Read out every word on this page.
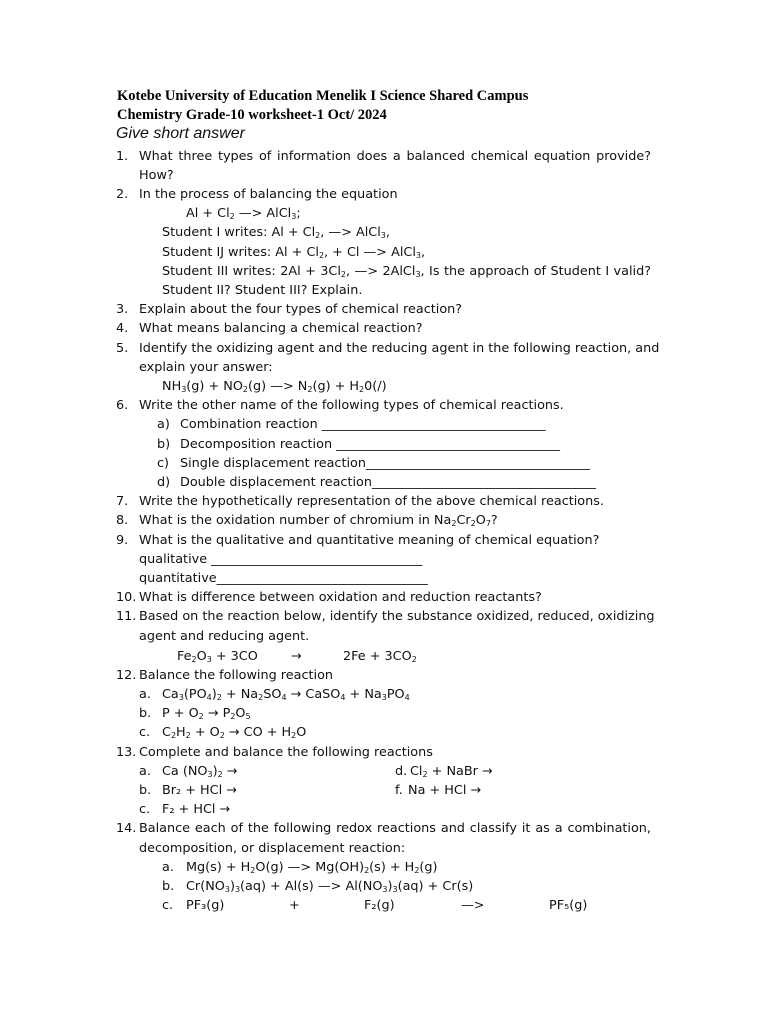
Kotebe University of Education Menelik I Science Shared Campus
Chemistry Grade-10 worksheet-1 Oct/ 2024
Give short answer
1. What three types of information does a balanced chemical equation provide?
How?
2. In the process of balancing the equation
$Al + Cl_2$ —> AlCl$_3$;
Student I writes: $Al + Cl_2$, —> AlCl$_3$,
Student IJ writes: $Al + Cl_2$, + Cl —> AlCl$_3$,
Student III writes: $2Al + 3Cl_2$, —> 2AlCl$_3$, Is the approach of Student I valid?
Student II? Student III? Explain.
3. Explain about the four types of chemical reaction?
4. What means balancing a chemical reaction?
5. Identify the oxidizing agent and the reducing agent in the following reaction, and
explain your answer:
$NH_3(g) + NO_2(g)$ —> $N_2(g) + H_20(/)$
6. Write the other name of the following types of chemical reactions.
a) Combination reaction ___________________________________
b) Decomposition reaction ___________________________________
c) Single displacement reaction___________________________________
d) Double displacement reaction___________________________________
7. Write the hypothetically representation of the above chemical reactions.
8. What is the oxidation number of chromium in $Na_2Cr_2O_7$?
9. What is the qualitative and quantitative meaning of chemical equation?
qualitative _________________________________
quantitative_________________________________
10. What is difference between oxidation and reduction reactants?
11. Based on the reaction below, identify the substance oxidized, reduced, oxidizing
agent and reducing agent.
$Fe_2O_3 + 3CO$	→	$2Fe + 3CO_2$
12. Balance the following reaction
a. $Ca_3(PO_4)_2 + Na_2SO_4$ → CaSO$_4$ + $Na_3PO_4$
b. $P + O_2 \to P_2O_5$
c. $C_2H_2 + O_2$ → CO + $H_2O$
13. Complete and balance the following reactions
a. Ca $(NO_3)_2$ →	d. $Cl_2$ + NaBr →
b. Br₂ + HCl →	f. Na + HCl →
c. F₂ + HCl →
14. Balance each of the following redox reactions and classify it as a combination,
decomposition, or displacement reaction:
a. $Mg(s) + H_2O(g)$ —> $Mg(OH)_2(s) + H_2(g)$
b. $Cr(NO_3)_3(aq) + Al(s)$ —> $Al(NO_3)_3(aq) + Cr(s)$
c. PF₃(g)	+	F₂(g)	—>	PF₅(g)
